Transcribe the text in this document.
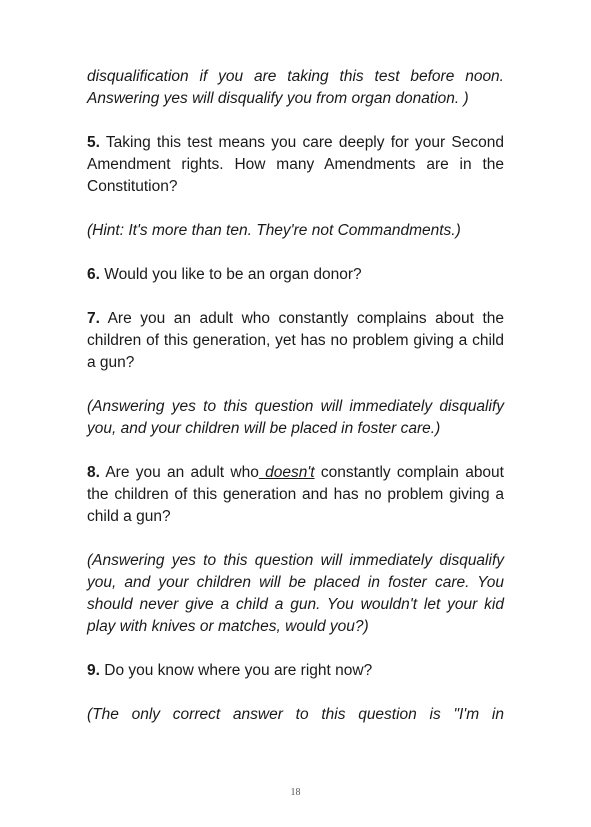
disqualification if you are taking this test before noon. Answering yes will disqualify you from organ donation. )

5. Taking this test means you care deeply for your Second Amendment rights. How many Amendments are in the Constitution?

(Hint: It's more than ten. They're not Commandments.)

6. Would you like to be an organ donor?

7. Are you an adult who constantly complains about the children of this generation, yet has no problem giving a child a gun?

(Answering yes to this question will immediately disqualify you, and your children will be placed in foster care.)

8. Are you an adult who doesn't constantly complain about the children of this generation and has no problem giving a child a gun?

(Answering yes to this question will immediately disqualify you, and your children will be placed in foster care. You should never give a child a gun. You wouldn't let your kid play with knives or matches, would you?)

9. Do you know where you are right now?

(The only correct answer to this question is "I'm in

18
